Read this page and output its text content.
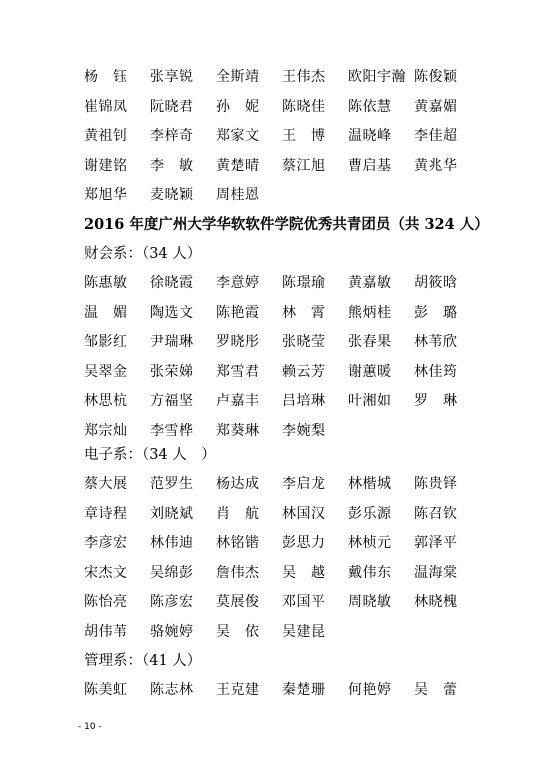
杨　钰	张享锐	全斯靖	王伟杰	欧阳宇瀚 陈俊颖
崔锦凤	阮晓君	孙　妮	陈晓佳	陈依慧	黄嘉媚
黄祖钊	李梓奇	郑家文	王　博	温晓峰	李佳超
谢建铭	李　敏	黄楚晴	蔡江旭	曹启基	黄兆华
郑旭华	麦晓颖	周桂恩
2016 年度广州大学华软软件学院优秀共青团员（共 324 人）
财会系：（34 人）
陈惠敏	徐晓霞	李意婷	陈璟瑜	黄嘉敏	胡筱晗
温　媚	陶选文	陈艳霞	林　霄	熊炳桂	彭　璐
邹影红	尹瑞琳	罗晓彤	张晓莹	张春果	林苇欣
吴翠金	张荣娣	郑雪君	赖云芳	谢蕙暖	林佳筠
林思杭	方福坚	卢嘉丰	吕培琳	叶湘如	罗　琳
郑宗灿	李雪桦	郑葵琳	李婉梨
电子系：（34 人　）
蔡大展	范罗生	杨达成	李启龙	林楷城	陈贵铎
章诗程	刘晓斌	肖　航	林国汉	彭乐源	陈召钦
李彦宏	林伟迪	林铭锴	彭思力	林桢元	郭泽平
宋杰文	吴绵彭	詹伟杰	吴　越	戴伟东	温海棠
陈怡亮	陈彦宏	莫展俊	邓国平	周晓敏	林晓槐
胡伟苇	骆婉婷	吴　依	吴建昆
管理系：（41 人）
陈美虹	陈志林	王克建	秦楚珊	何艳婷	吴　蕾
- 10 -
